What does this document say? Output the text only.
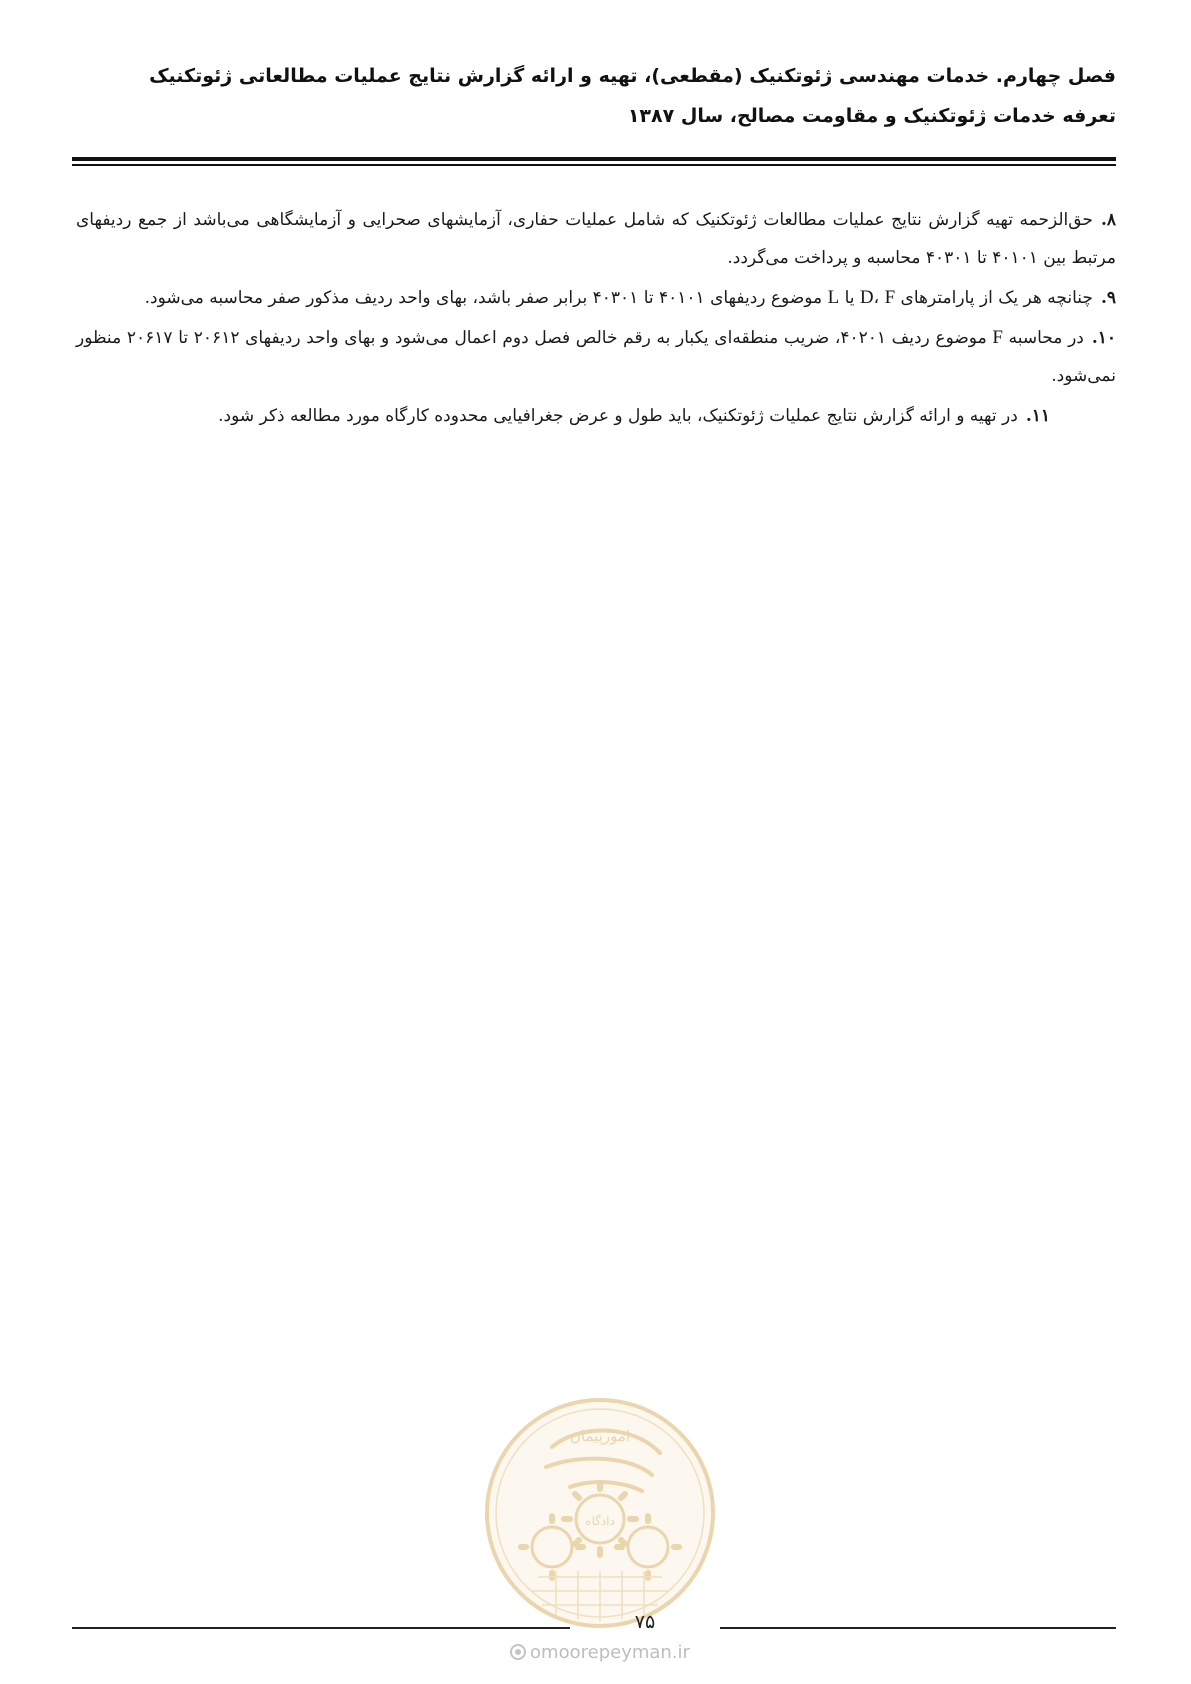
فصل چهارم. خدمات مهندسی ژئوتکنیک (مقطعی)، تهیه و ارائه گزارش نتایج عملیات مطالعاتی ژئوتکنیک
تعرفه خدمات ژئوتکنیک و مقاومت مصالح، سال ۱۳۸۷

۸.حق‌الزحمه تهیه گزارش نتایج عملیات مطالعات ژئوتکنیک که شامل عملیات حفاری، آزمایشهای صحرایی و آزمایشگاهی می‌باشد از جمع ردیفهای مرتبط بین ۴۰۱۰۱ تا ۴۰۳۰۱ محاسبه و پرداخت می‌گردد.

۹.چنانچه هر یک از پارامترهای D، F یا L موضوع ردیفهای ۴۰۱۰۱ تا ۴۰۳۰۱ برابر صفر باشد، بهای واحد ردیف مذکور صفر محاسبه می‌شود.

۱۰.در محاسبه F موضوع ردیف ۴۰۲۰۱، ضریب منطقه‌ای یکبار به رقم خالص فصل دوم اعمال می‌شود و بهای واحد ردیفهای ۲۰۶۱۲ تا ۲۰۶۱۷ منظور نمی‌شود.

۱۱.در تهیه و ارائه گزارش نتایج عملیات ژئوتکنیک، باید طول و عرض جغرافیایی محدوده کارگاه مورد مطالعه ذکر شود.

دادگاه
امورپیمان
۷۵
omoorepeyman.ir
